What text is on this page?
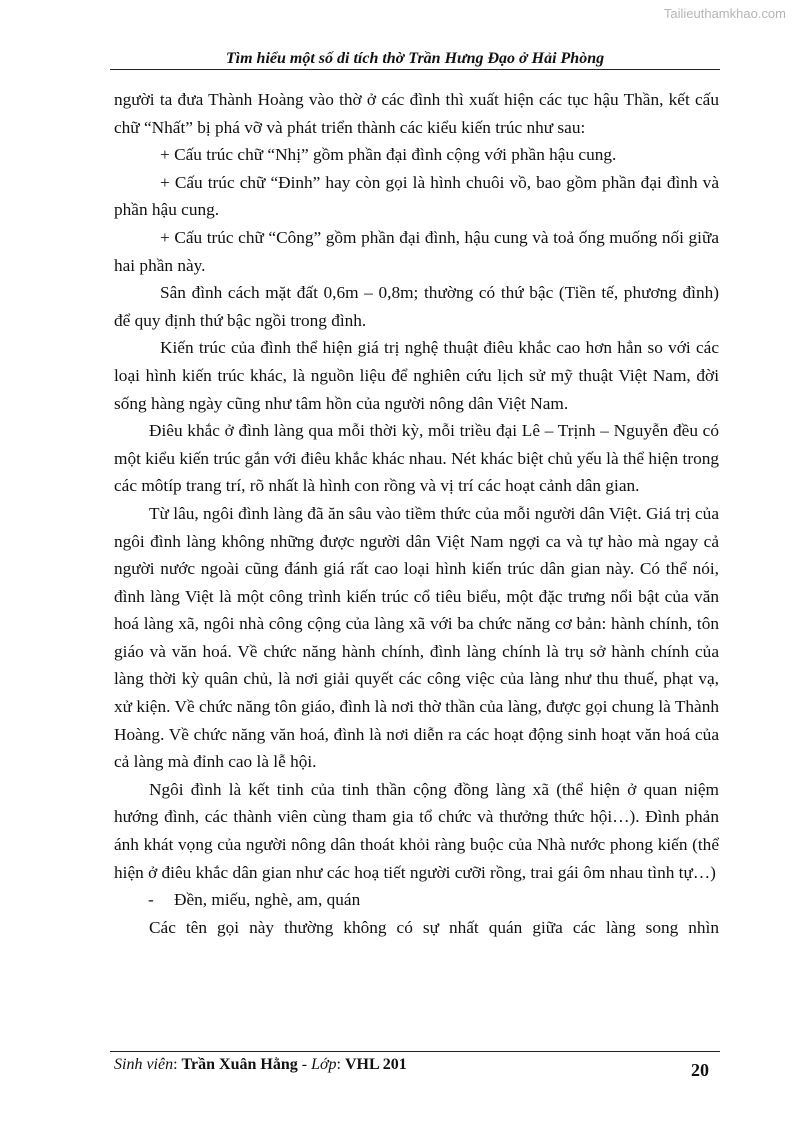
Tailieuthamkhao.com
Tìm hiểu một số di tích thờ Trần Hưng Đạo ở Hải Phòng

người ta đưa Thành Hoàng vào thờ ở các đình thì xuất hiện các tục hậu Thần, kết cấu chữ “Nhất” bị phá vỡ và phát triển thành các kiểu kiến trúc như sau:

+ Cấu trúc chữ “Nhị” gồm phần đại đình cộng với phần hậu cung.

+ Cấu trúc chữ “Đinh” hay còn gọi là hình chuôi vồ, bao gồm phần đại đình và phần hậu cung.

+ Cấu trúc chữ “Công” gồm phần đại đình, hậu cung và toả ống muống nối giữa hai phần này.

Sân đình cách mặt đất 0,6m – 0,8m; thường có thứ bậc (Tiền tế, phương đình) để quy định thứ bậc ngồi trong đình.

Kiến trúc của đình thể hiện giá trị nghệ thuật điêu khắc cao hơn hẳn so với các loại hình kiến trúc khác, là nguồn liệu để nghiên cứu lịch sử mỹ thuật Việt Nam, đời sống hàng ngày cũng như tâm hồn của người nông dân Việt Nam.

Điêu khắc ở đình làng qua mỗi thời kỳ, mỗi triều đại Lê – Trịnh – Nguyễn đều có một kiểu kiến trúc gắn với điêu khắc khác nhau. Nét khác biệt chủ yếu là thể hiện trong các môtíp trang trí, rõ nhất là hình con rồng và vị trí các hoạt cảnh dân gian.

Từ lâu, ngôi đình làng đã ăn sâu vào tiềm thức của mỗi người dân Việt. Giá trị của ngôi đình làng không những được người dân Việt Nam ngợi ca và tự hào mà ngay cả người nước ngoài cũng đánh giá rất cao loại hình kiến trúc dân gian này. Có thể nói, đình làng Việt là một công trình kiến trúc cổ tiêu biểu, một đặc trưng nổi bật của văn hoá làng xã, ngôi nhà công cộng của làng xã với ba chức năng cơ bản: hành chính, tôn giáo và văn hoá. Về chức năng hành chính, đình làng chính là trụ sở hành chính của làng thời kỳ quân chủ, là nơi giải quyết các công việc của làng như thu thuế, phạt vạ, xử kiện. Về chức năng tôn giáo, đình là nơi thờ thần của làng, được gọi chung là Thành Hoàng. Về chức năng văn hoá, đình là nơi diễn ra các hoạt động sinh hoạt văn hoá của cả làng mà đỉnh cao là lễ hội.

Ngôi đình là kết tinh của tinh thần cộng đồng làng xã (thể hiện ở quan niệm hướng đình, các thành viên cùng tham gia tổ chức và thưởng thức hội…). Đình phản ánh khát vọng của người nông dân thoát khỏi ràng buộc của Nhà nước phong kiến (thể hiện ở điêu khắc dân gian như các hoạ tiết người cưỡi rồng, trai gái ôm nhau tình tự…)

- Đền, miếu, nghè, am, quán

Các tên gọi này thường không có sự nhất quán giữa các làng song nhìn

Sinh viên: Trần Xuân Hằng - Lớp: VHL 201	20
